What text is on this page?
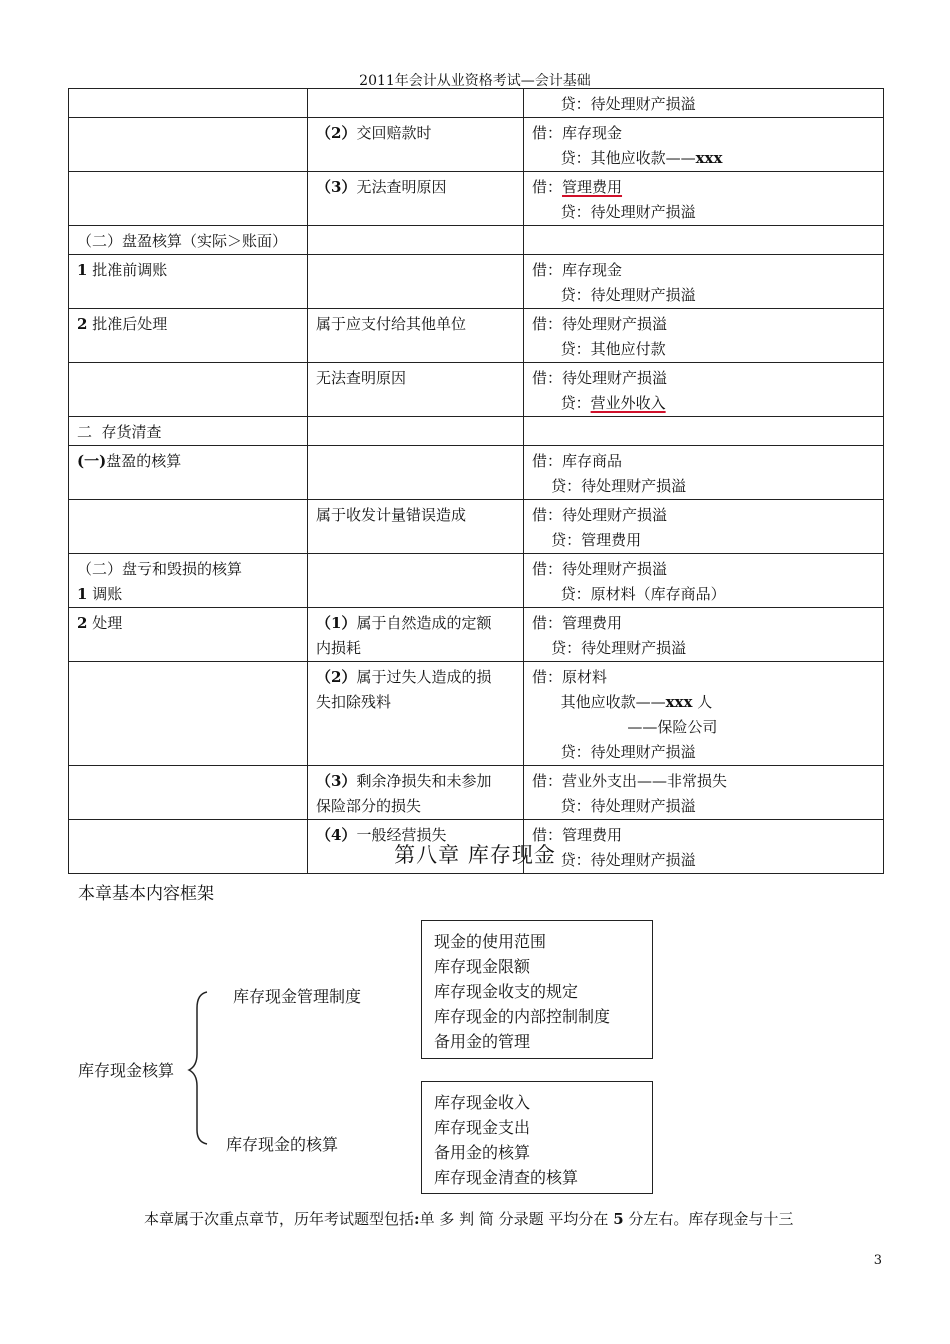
2011年会计从业资格考试—会计基础

		贷：待处理财产损溢

	（2）交回赔款时	借：库存现金
贷：其他应收款——xxx

	（3）无法查明原因	借：管理费用
贷：待处理财产损溢

（二）盘盈核算（实际＞账面）		

1 批准前调账		借：库存现金
贷：待处理财产损溢

2 批准后处理	属于应支付给其他单位	借：待处理财产损溢
贷：其他应付款

	无法查明原因	借：待处理财产损溢
贷：营业外收入

二  存货清查		

(一)盘盈的核算		借：库存商品
贷：待处理财产损溢

	属于收发计量错误造成	借：待处理财产损溢
贷：管理费用

（二）盘亏和毁损的核算
1 调账		借：待处理财产损溢
贷：原材料（库存商品）

2 处理	（1）属于自然造成的定额
内损耗	借：管理费用
贷：待处理财产损溢

	（2）属于过失人造成的损
失扣除残料	借：原材料
其他应收款——xxx 人
——保险公司
贷：待处理财产损溢

	（3）剩余净损失和未参加
保险部分的损失	借：营业外支出——非常损失
贷：待处理财产损溢

	（4）一般经营损失	借：管理费用
贷：待处理财产损溢
第八章 库存现金
本章基本内容框架
库存现金核算
库存现金管理制度
库存现金的核算
现金的使用范围
库存现金限额
库存现金收支的规定
库存现金的内部控制制度
备用金的管理
库存现金收入
库存现金支出
备用金的核算
库存现金清查的核算
本章属于次重点章节，历年考试题型包括:单 多 判 简 分录题 平均分在 5 分左右。库存现金与十三
3
